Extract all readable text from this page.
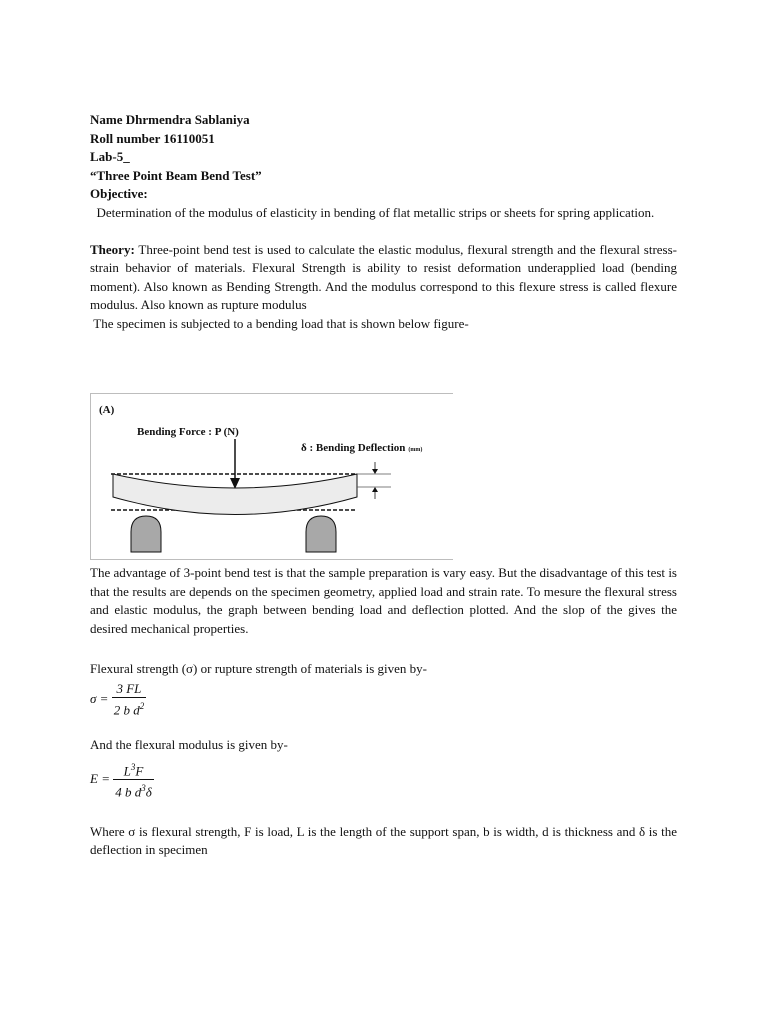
Name Dhrmendra Sablaniya
Roll number 16110051
Lab-5_
“Three Point Beam Bend Test”
Objective:

Determination of the modulus of elasticity in bending of flat metallic strips or sheets for spring application.

Theory: Three-point bend test is used to calculate the elastic modulus, flexural strength and the flexural stress-strain behavior of materials. Flexural Strength is ability to resist deformation underapplied load (bending moment). Also known as Bending Strength. And the modulus correspond to this flexure stress is called flexure modulus. Also known as rupture modulus

The specimen is subjected to a bending load that is shown below figure-
(A)
Bending Force : P (N)
δ : Bending Deflection (mm)

The advantage of 3-point bend test is that the sample preparation is vary easy. But the disadvantage of this test is that the results are depends on the specimen geometry, applied load and strain rate. To mesure the flexural stress and elastic modulus, the graph between bending load and deflection plotted. And the slop of the gives the desired mechanical properties.

Flexural strength (σ) or rupture strength of materials is given by-
$\sigma = \frac{3 FL}{2 b d^2}$
And the flexural modulus is given by-
$E = \frac{L^3F}{4 b d^3\delta}$

Where σ is flexural strength, F is load, L is the length of the support span, b is width, d is thickness and δ is the deflection in specimen
